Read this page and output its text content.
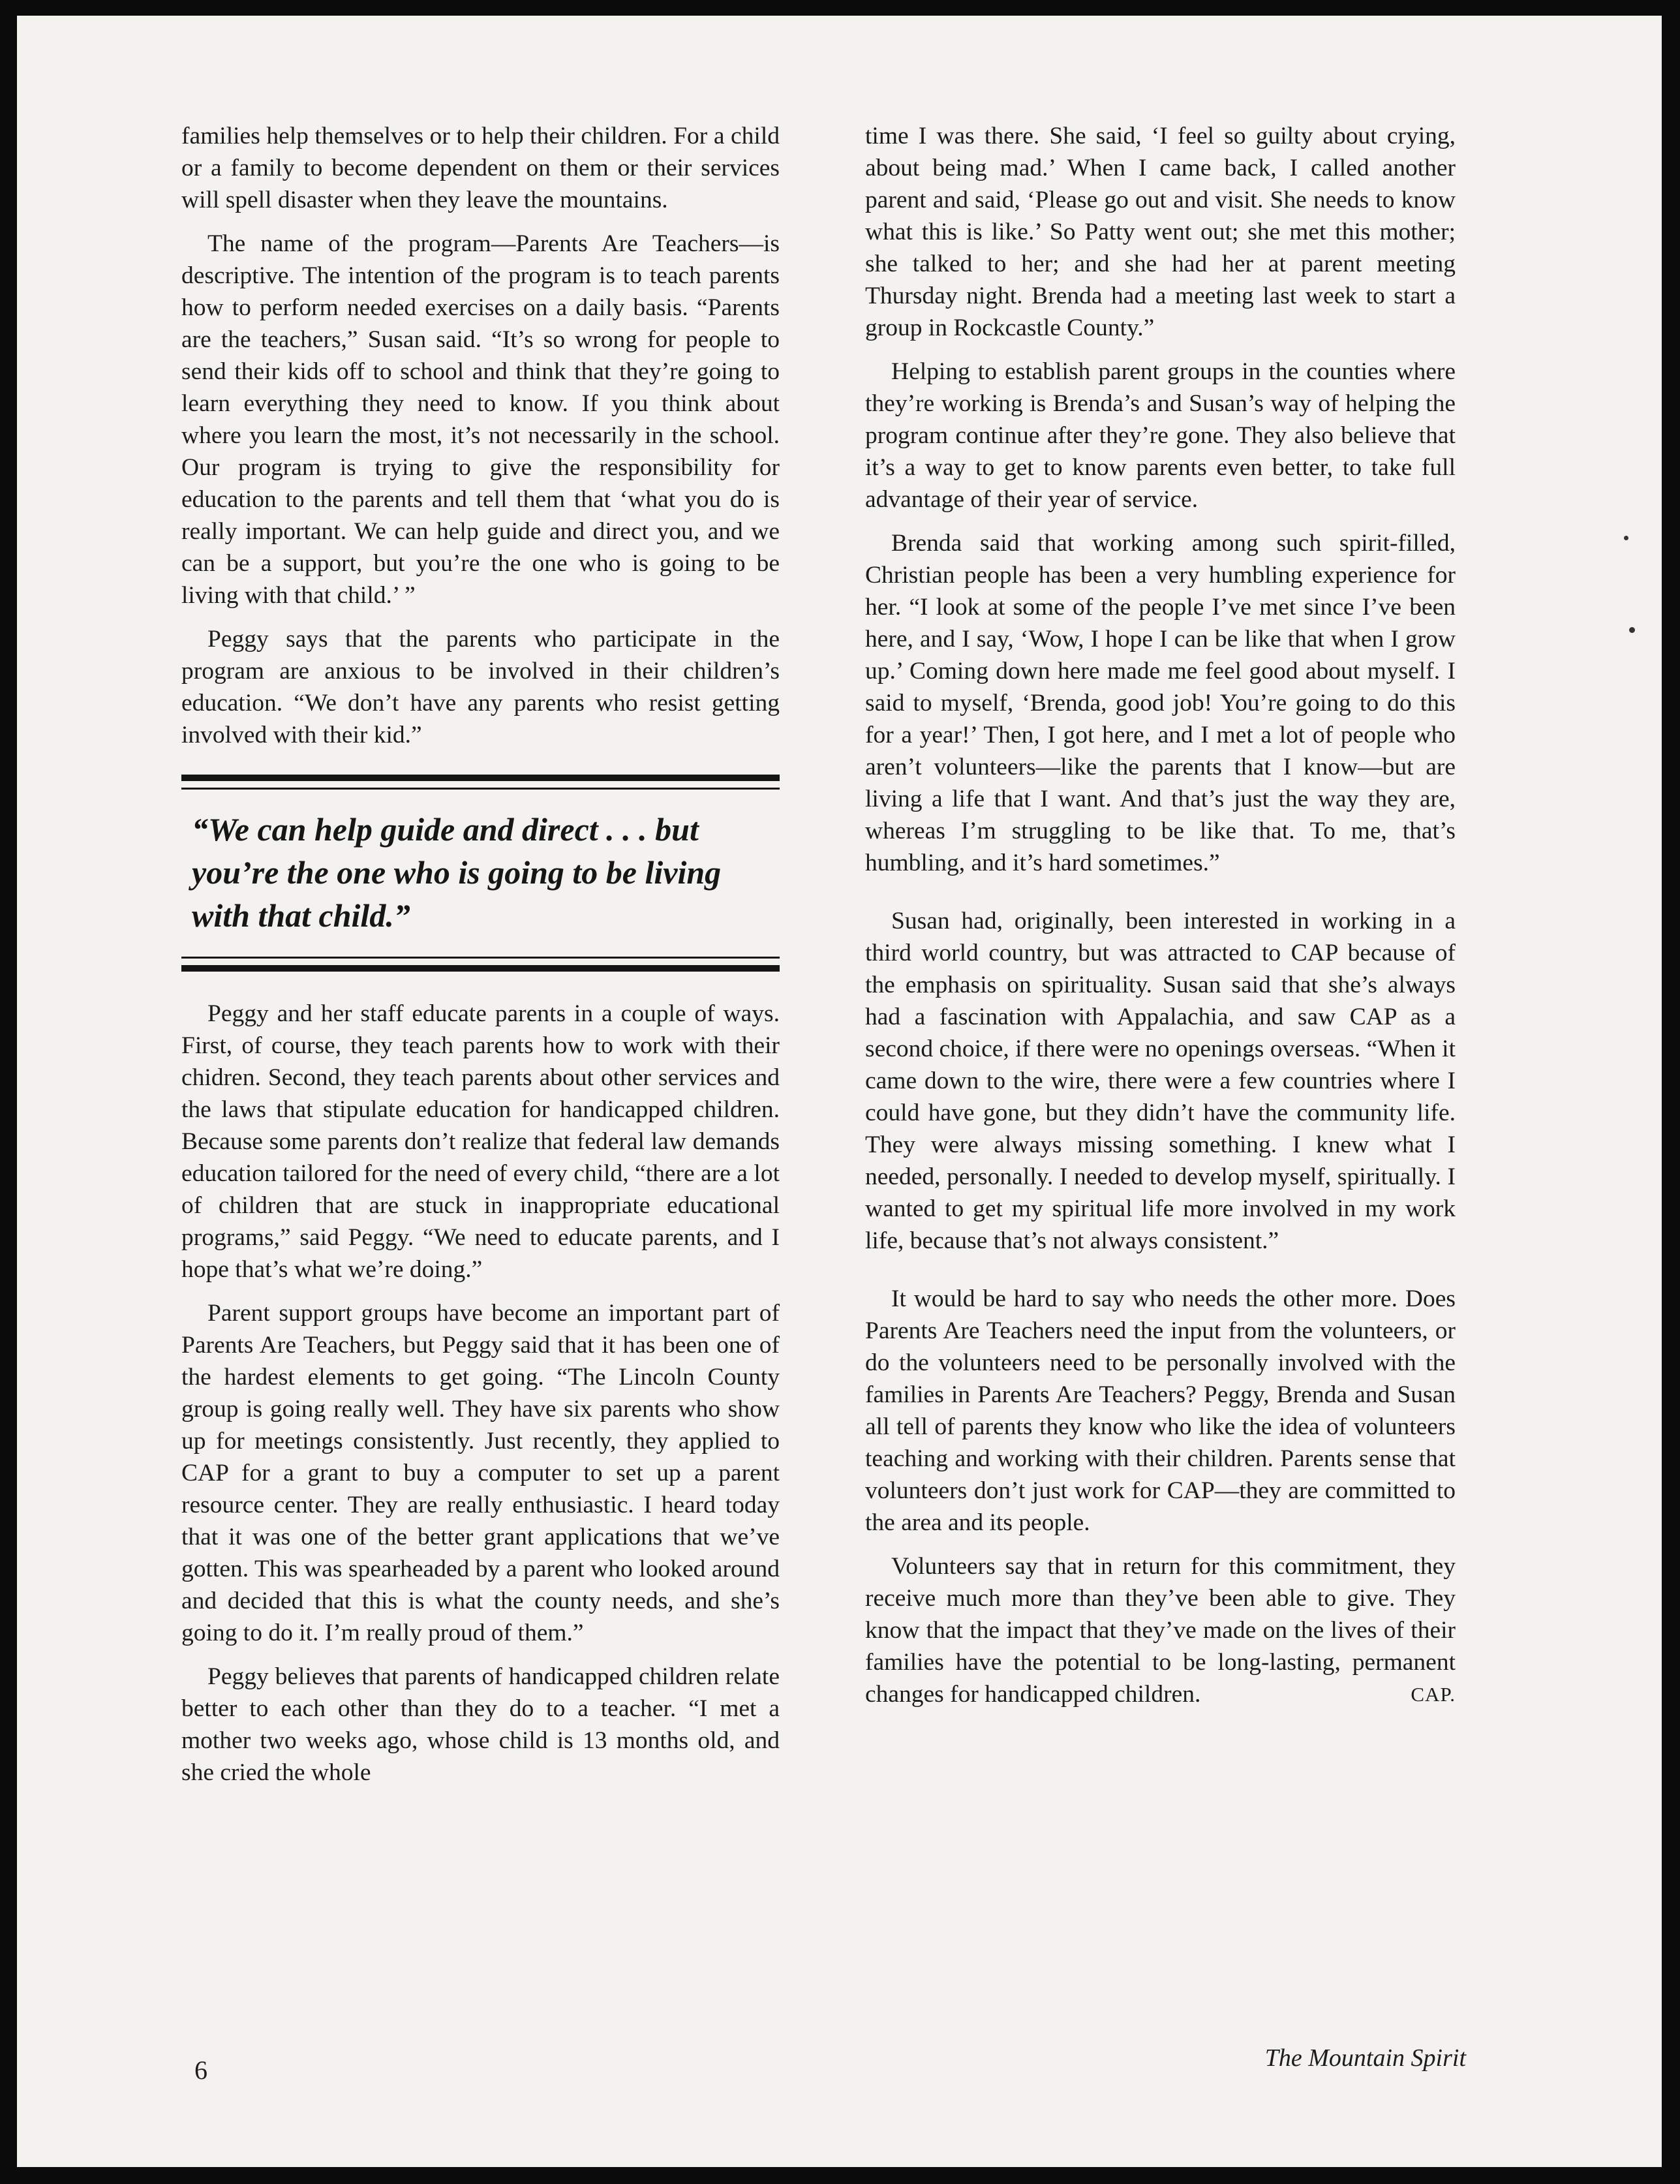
families help themselves or to help their children. For a child or a family to become dependent on them or their services will spell disaster when they leave the mountains.

The name of the program—Parents Are Teachers—is descriptive. The intention of the program is to teach parents how to perform needed exercises on a daily basis. “Parents are the teachers,” Susan said. “It’s so wrong for people to send their kids off to school and think that they’re going to learn everything they need to know. If you think about where you learn the most, it’s not necessarily in the school. Our program is trying to give the responsibility for education to the parents and tell them that ‘what you do is really important. We can help guide and direct you, and we can be a support, but you’re the one who is going to be living with that child.’ ”

Peggy says that the parents who participate in the program are anxious to be involved in their children’s education. “We don’t have any parents who resist getting involved with their kid.”

“We can help guide and direct . . . but you’re the one who is going to be living with that child.”

Peggy and her staff educate parents in a couple of ways. First, of course, they teach parents how to work with their chidren. Second, they teach parents about other services and the laws that stipulate education for handicapped children. Because some parents don’t realize that federal law demands education tailored for the need of every child, “there are a lot of children that are stuck in inappropriate educational programs,” said Peggy. “We need to educate parents, and I hope that’s what we’re doing.”

Parent support groups have become an important part of Parents Are Teachers, but Peggy said that it has been one of the hardest elements to get going. “The Lincoln County group is going really well. They have six parents who show up for meetings consistently. Just recently, they applied to CAP for a grant to buy a computer to set up a parent resource center. They are really enthusiastic. I heard today that it was one of the better grant applications that we’ve gotten. This was spearheaded by a parent who looked around and decided that this is what the county needs, and she’s going to do it. I’m really proud of them.”

Peggy believes that parents of handicapped children relate better to each other than they do to a teacher. “I met a mother two weeks ago, whose child is 13 months old, and she cried the whole

time I was there. She said, ‘I feel so guilty about crying, about being mad.’ When I came back, I called another parent and said, ‘Please go out and visit. She needs to know what this is like.’ So Patty went out; she met this mother; she talked to her; and she had her at parent meeting Thursday night. Brenda had a meeting last week to start a group in Rockcastle County.”

Helping to establish parent groups in the counties where they’re working is Brenda’s and Susan’s way of helping the program continue after they’re gone. They also believe that it’s a way to get to know parents even better, to take full advantage of their year of service.

Brenda said that working among such spirit-filled, Christian people has been a very humbling experience for her. “I look at some of the people I’ve met since I’ve been here, and I say, ‘Wow, I hope I can be like that when I grow up.’ Coming down here made me feel good about myself. I said to myself, ‘Brenda, good job! You’re going to do this for a year!’ Then, I got here, and I met a lot of people who aren’t volunteers—like the parents that I know—but are living a life that I want. And that’s just the way they are, whereas I’m struggling to be like that. To me, that’s humbling, and it’s hard sometimes.”

Susan had, originally, been interested in working in a third world country, but was attracted to CAP because of the emphasis on spirituality. Susan said that she’s always had a fascination with Appalachia, and saw CAP as a second choice, if there were no openings overseas. “When it came down to the wire, there were a few countries where I could have gone, but they didn’t have the community life. They were always missing something. I knew what I needed, personally. I needed to develop myself, spiritually. I wanted to get my spiritual life more involved in my work life, because that’s not always consistent.”

It would be hard to say who needs the other more. Does Parents Are Teachers need the input from the volunteers, or do the volunteers need to be personally involved with the families in Parents Are Teachers? Peggy, Brenda and Susan all tell of parents they know who like the idea of volunteers teaching and working with their children. Parents sense that volunteers don’t just work for CAP—they are committed to the area and its people.

Volunteers say that in return for this commitment, they receive much more than they’ve been able to give. They know that the impact that they’ve made on the lives of their families have the potential to be long-lasting, permanent changes for handicapped children.	CAP.

6	The Mountain Spirit
